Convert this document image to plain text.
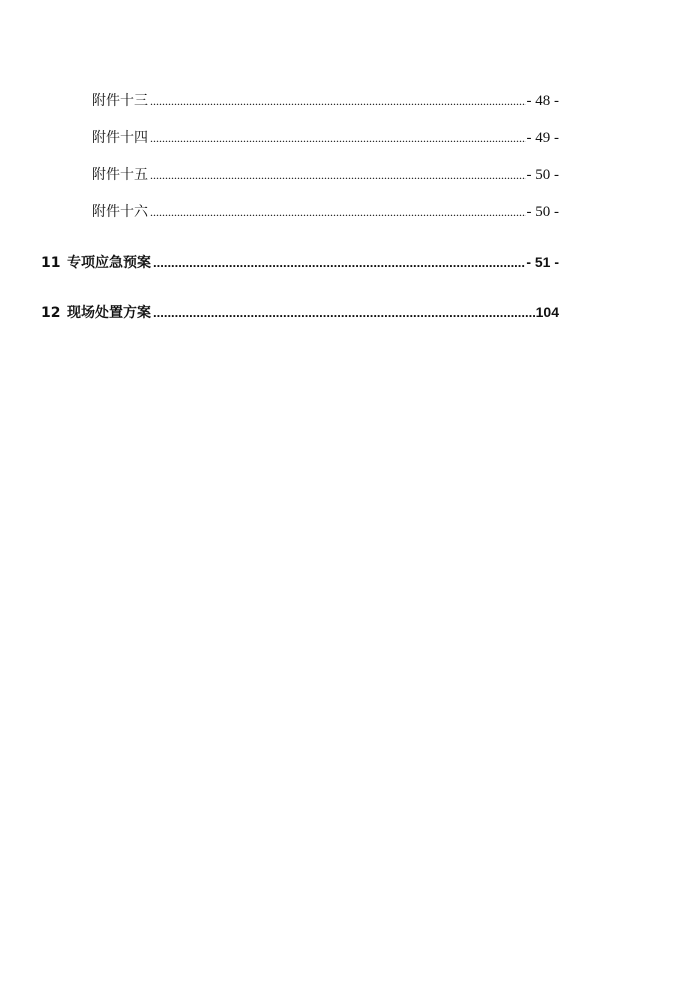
附件十三 .....	- 48 -
附件十四 .....	- 49 -
附件十五 .....	- 50 -
附件十六 .....	- 50 -
11 专项应急预案 .....	- 51 -
12 现场处置方案 .....	104
